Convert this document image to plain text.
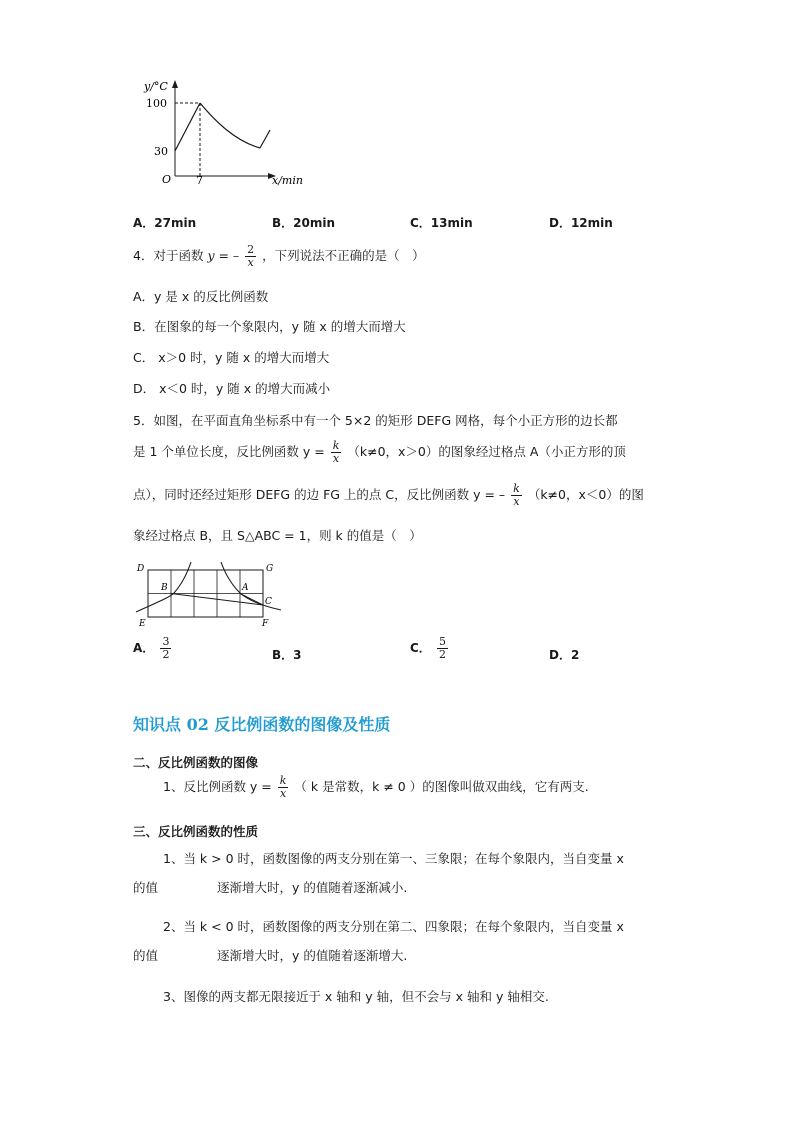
y/°C
100
30
O 7	x/min
A．27min	B．20min	C．13min	D．12min
4．对于函数 y = – $\frac{2}{x}$ ，下列说法不正确的是（　）
A．y 是 x 的反比例函数
B．在图象的每一个象限内，y 随 x 的增大而增大
C． x＞0 时，y 随 x 的增大而增大
D． x＜0 时，y 随 x 的增大而减小
5．如图，在平面直角坐标系中有一个 5×2 的矩形 DEFG 网格，每个小正方形的边长都
是 1 个单位长度，反比例函数 $y = \frac{k}{x} (k\ne 0$，x＞0）的图象经过格点 A（小正方形的顶
点），同时还经过矩形 DEFG 的边 FG 上的点 C，反比例函数 y = – $\frac{k}{x} (k\ne 0$，x＜0）的图
象经过格点 B，且 S△ABC = 1，则 k 的值是（　）
D	G
B	A
C
E	F
A． $\frac{3}{2}$	B．3	C． $\frac{5}{2}$	D．2
知识点 02 反比例函数的图像及性质
二、反比例函数的图像
1、反比例函数 $y = \frac{k}{x}$ （ k 是常数，k ≠ 0 ）的图像叫做双曲线，它有两支.
三、反比例函数的性质
1、当 k > 0 时，函数图像的两支分别在第一、三象限；在每个象限内，当自变量 x
的值	逐渐增大时，y 的值随着逐渐减小.
2、当 k < 0 时，函数图像的两支分别在第二、四象限；在每个象限内，当自变量 x
的值	逐渐增大时，y 的值随着逐渐增大.
3、图像的两支都无限接近于 x 轴和 y 轴，但不会与 x 轴和 y 轴相交.
